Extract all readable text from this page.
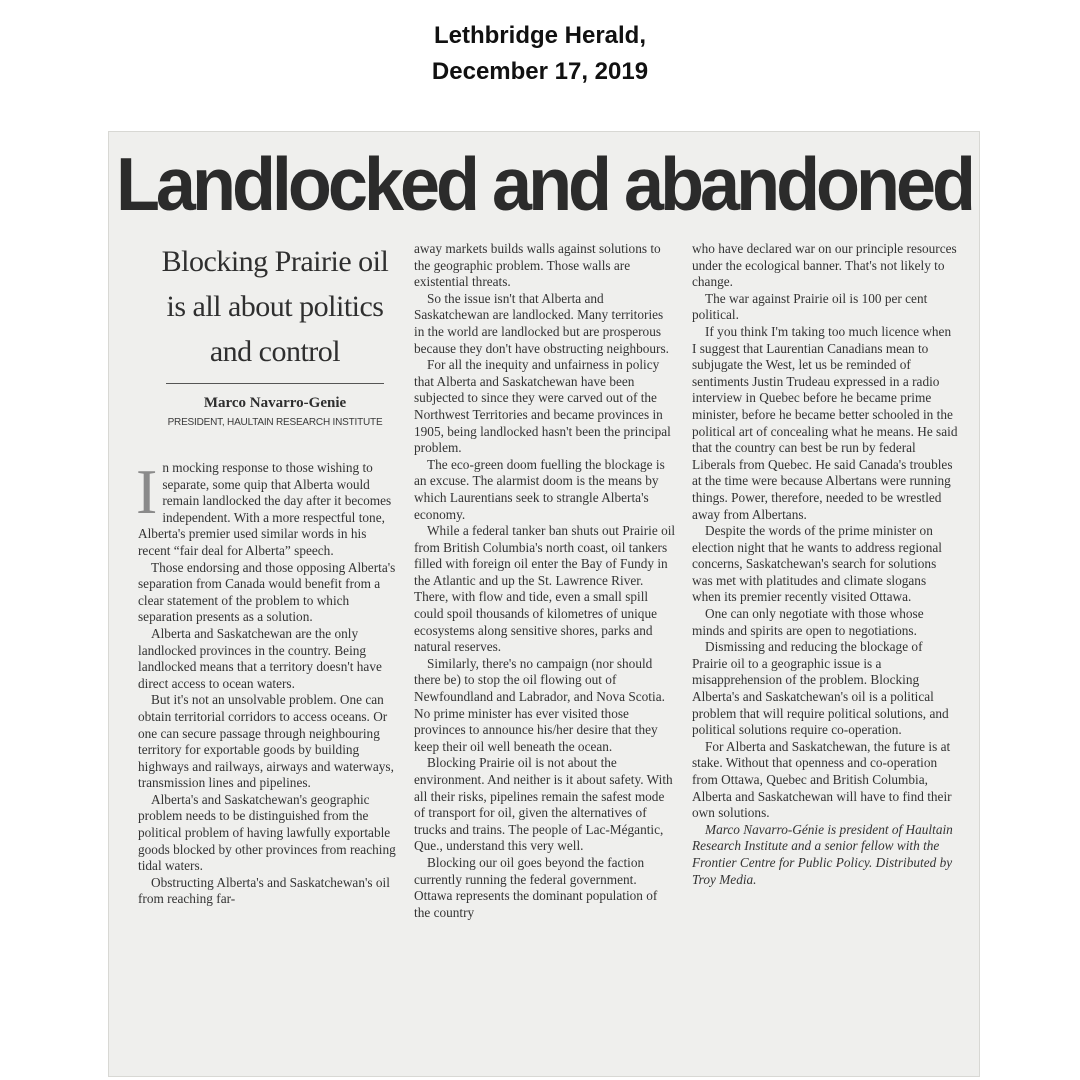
Lethbridge Herald,
December 17, 2019
Landlocked and abandoned
Blocking Prairie oil
is all about politics
and control
Marco Navarro-Genie
PRESIDENT, HAULTAIN RESEARCH INSTITUTE

In mocking response to those wishing to separate, some quip that Alberta would remain landlocked the day after it becomes independent. With a more respectful tone, Alberta's premier used similar words in his recent “fair deal for Alberta” speech.

Those endorsing and those opposing Alberta's separation from Canada would benefit from a clear statement of the problem to which separation presents as a solution.

Alberta and Saskatchewan are the only landlocked provinces in the country. Being landlocked means that a territory doesn't have direct access to ocean waters.

But it's not an unsolvable problem. One can obtain territorial corridors to access oceans. Or one can secure passage through neighbouring territory for exportable goods by building highways and railways, airways and waterways, transmission lines and pipelines.

Alberta's and Saskatchewan's geographic problem needs to be distinguished from the political problem of having lawfully exportable goods blocked by other provinces from reaching tidal waters.

Obstructing Alberta's and Saskatchewan's oil from reaching far-

away markets builds walls against solutions to the geographic problem. Those walls are existential threats.

So the issue isn't that Alberta and Saskatchewan are landlocked. Many territories in the world are landlocked but are prosperous because they don't have obstructing neighbours.

For all the inequity and unfairness in policy that Alberta and Saskatchewan have been subjected to since they were carved out of the Northwest Territories and became provinces in 1905, being landlocked hasn't been the principal problem.

The eco-green doom fuelling the blockage is an excuse. The alarmist doom is the means by which Laurentians seek to strangle Alberta's economy.

While a federal tanker ban shuts out Prairie oil from British Columbia's north coast, oil tankers filled with foreign oil enter the Bay of Fundy in the Atlantic and up the St. Lawrence River. There, with flow and tide, even a small spill could spoil thousands of kilometres of unique ecosystems along sensitive shores, parks and natural reserves.

Similarly, there's no campaign (nor should there be) to stop the oil flowing out of Newfoundland and Labrador, and Nova Scotia. No prime minister has ever visited those provinces to announce his/her desire that they keep their oil well beneath the ocean.

Blocking Prairie oil is not about the environment. And neither is it about safety. With all their risks, pipelines remain the safest mode of transport for oil, given the alternatives of trucks and trains. The people of Lac-Mégantic, Que., understand this very well.

Blocking our oil goes beyond the faction currently running the federal government. Ottawa represents the dominant population of the country

who have declared war on our principle resources under the ecological banner. That's not likely to change.

The war against Prairie oil is 100 per cent political.

If you think I'm taking too much licence when I suggest that Laurentian Canadians mean to subjugate the West, let us be reminded of sentiments Justin Trudeau expressed in a radio interview in Quebec before he became prime minister, before he became better schooled in the political art of concealing what he means. He said that the country can best be run by federal Liberals from Quebec. He said Canada's troubles at the time were because Albertans were running things. Power, therefore, needed to be wrestled away from Albertans.

Despite the words of the prime minister on election night that he wants to address regional concerns, Saskatchewan's search for solutions was met with platitudes and climate slogans when its premier recently visited Ottawa.

One can only negotiate with those whose minds and spirits are open to negotiations.

Dismissing and reducing the blockage of Prairie oil to a geographic issue is a misapprehension of the problem. Blocking Alberta's and Saskatchewan's oil is a political problem that will require political solutions, and political solutions require co-operation.

For Alberta and Saskatchewan, the future is at stake. Without that openness and co-operation from Ottawa, Quebec and British Columbia, Alberta and Saskatchewan will have to find their own solutions.

Marco Navarro-Génie is president of Haultain Research Institute and a senior fellow with the Frontier Centre for Public Policy. Distributed by Troy Media.
